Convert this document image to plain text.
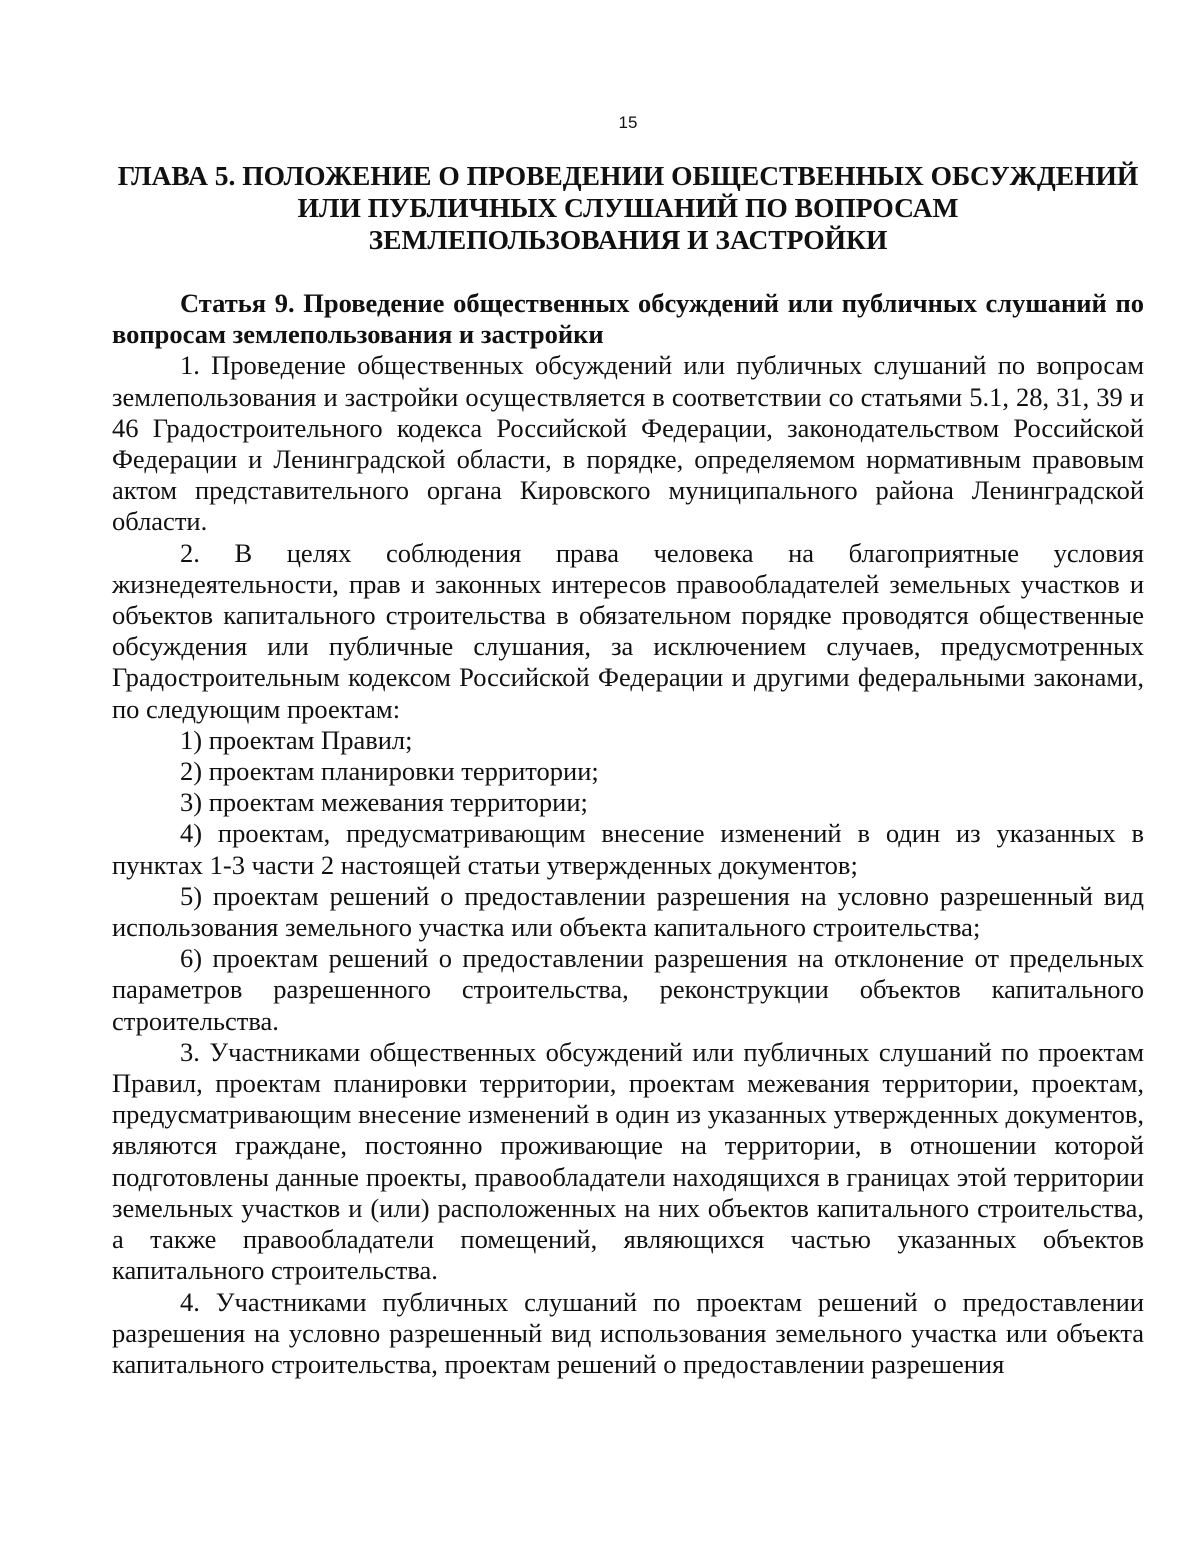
15
ГЛАВА 5. ПОЛОЖЕНИЕ О ПРОВЕДЕНИИ ОБЩЕСТВЕННЫХ ОБСУЖДЕНИЙ
ИЛИ ПУБЛИЧНЫХ СЛУШАНИЙ ПО ВОПРОСАМ
ЗЕМЛЕПОЛЬЗОВАНИЯ И ЗАСТРОЙКИ

Статья 9. Проведение общественных обсуждений или публичных слушаний по вопросам землепользования и застройки

1. Проведение общественных обсуждений или публичных слушаний по вопросам землепользования и застройки осуществляется в соответствии со статьями 5.1, 28, 31, 39 и 46 Градостроительного кодекса Российской Федерации, законодательством Российской Федерации и Ленинградской области, в порядке, определяемом нормативным правовым актом представительного органа Кировского муниципального района Ленинградской области.

2. В целях соблюдения права человека на благоприятные условия жизнедеятельности, прав и законных интересов правообладателей земельных участков и объектов капитального строительства в обязательном порядке проводятся общественные обсуждения или публичные слушания, за исключением случаев, предусмотренных Градостроительным кодексом Российской Федерации и другими федеральными законами, по следующим проектам:

1) проектам Правил;

2) проектам планировки территории;

3) проектам межевания территории;

4) проектам, предусматривающим внесение изменений в один из указанных в пунктах 1-3 части 2 настоящей статьи утвержденных документов;

5) проектам решений о предоставлении разрешения на условно разрешенный вид использования земельного участка или объекта капитального строительства;

6) проектам решений о предоставлении разрешения на отклонение от предельных параметров разрешенного строительства, реконструкции объектов капитального строительства.

3. Участниками общественных обсуждений или публичных слушаний по проектам Правил, проектам планировки территории, проектам межевания территории, проектам, предусматривающим внесение изменений в один из указанных утвержденных документов, являются граждане, постоянно проживающие на территории, в отношении которой подготовлены данные проекты, правообладатели находящихся в границах этой территории земельных участков и (или) расположенных на них объектов капитального строительства, а также правообладатели помещений, являющихся частью указанных объектов капитального строительства.

4. Участниками публичных слушаний по проектам решений о предоставлении разрешения на условно разрешенный вид использования земельного участка или объекта капитального строительства, проектам решений о предоставлении разрешения
